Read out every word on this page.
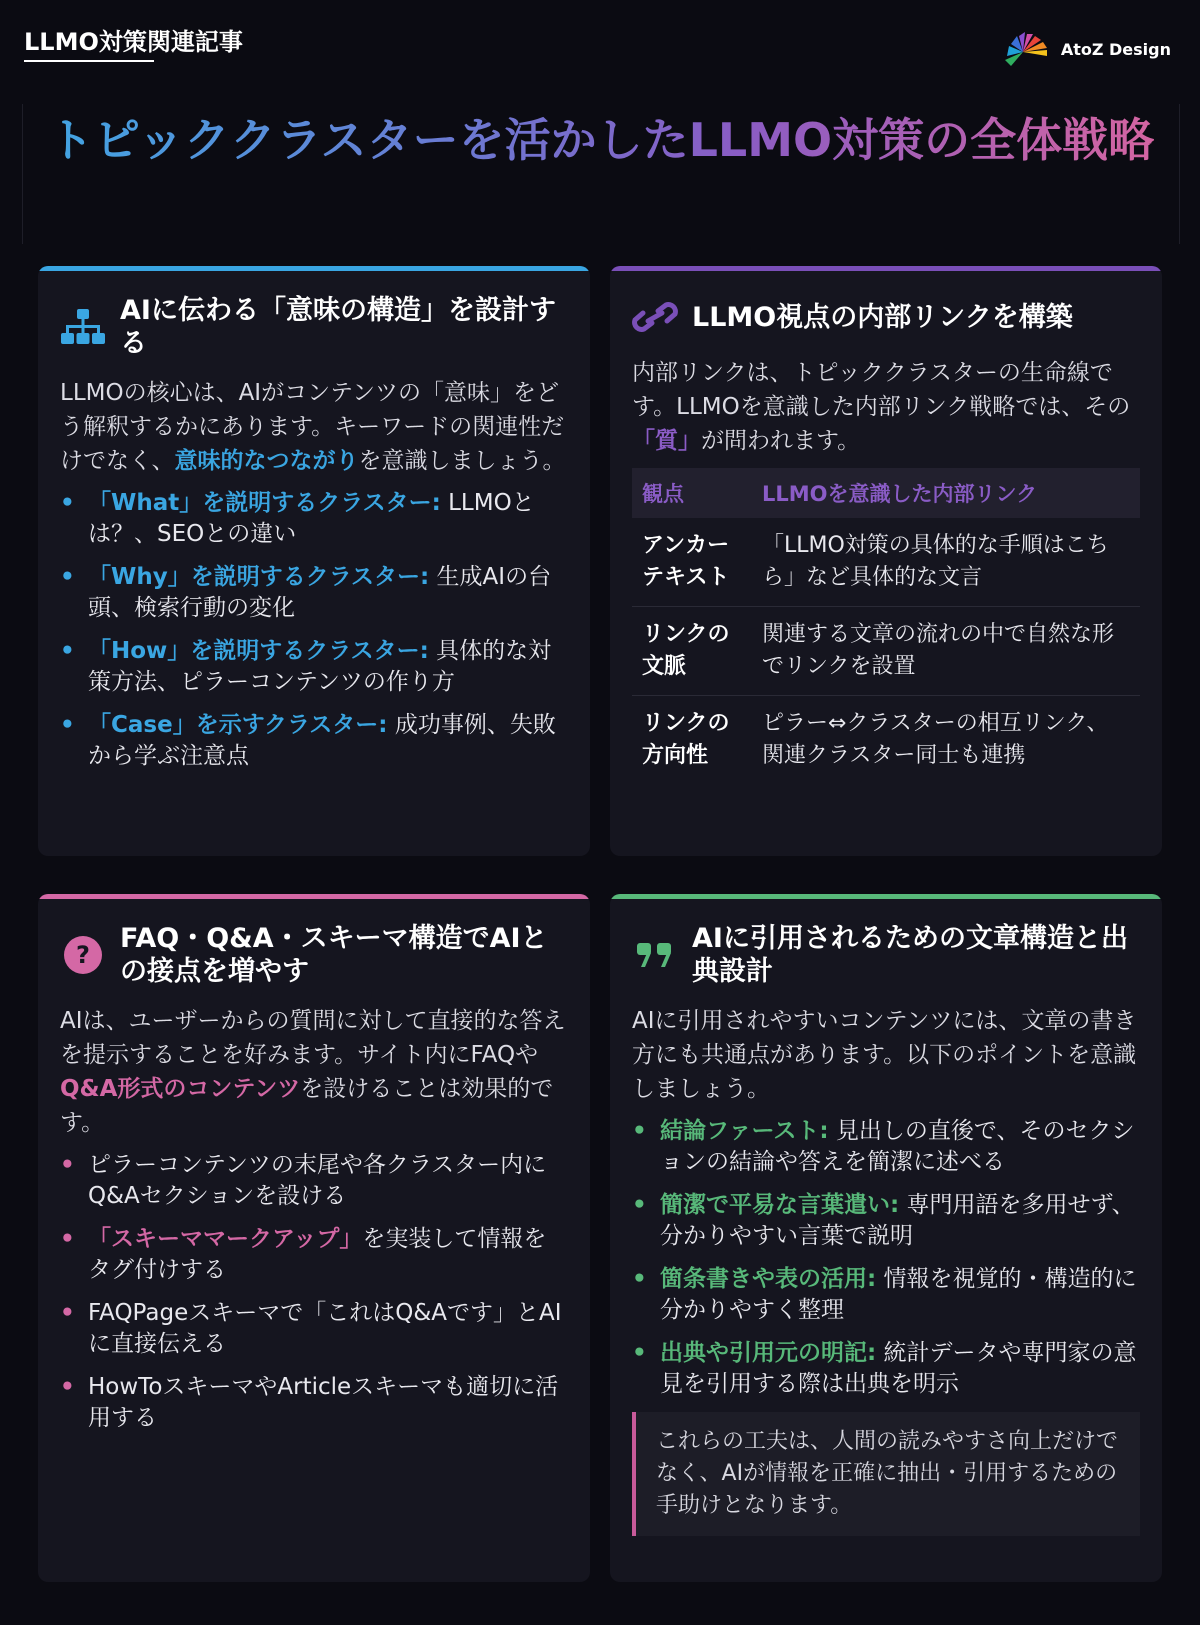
LLMO対策関連記事	AtoZ Design
トピッククラスターを活かしたLLMO対策の全体戦略
AIに伝わる「意味の構造」を設計する

LLMOの核心は、AIがコンテンツの「意味」をどう解釈するかにあります。キーワードの関連性だけでなく、意味的なつながりを意識しましょう。

• 「What」を説明するクラスター: LLMOとは？、SEOとの違い
• 「Why」を説明するクラスター: 生成AIの台頭、検索行動の変化
• 「How」を説明するクラスター: 具体的な対策方法、ピラーコンテンツの作り方
• 「Case」を示すクラスター: 成功事例、失敗から学ぶ注意点
LLMO視点の内部リンクを構築

内部リンクは、トピッククラスターの生命線です。LLMOを意識した内部リンク戦略では、その「質」が問われます。

観点	LLMOを意識した内部リンク
アンカーテキスト	「LLMO対策の具体的な手順はこちら」など具体的な文言
リンクの文脈	関連する文章の流れの中で自然な形でリンクを設置
リンクの方向性	ピラー⇔クラスターの相互リンク、関連クラスター同士も連携
?
FAQ・Q&A・スキーマ構造でAIとの接点を増やす

AIは、ユーザーからの質問に対して直接的な答えを提示することを好みます。サイト内にFAQやQ&A形式のコンテンツを設けることは効果的です。

• ピラーコンテンツの末尾や各クラスター内にQ&Aセクションを設ける
• 「スキーママークアップ」を実装して情報をタグ付けする
• FAQPageスキーマで「これはQ&Aです」とAIに直接伝える
• HowToスキーマやArticleスキーマも適切に活用する
AIに引用されるための文章構造と出典設計

AIに引用されやすいコンテンツには、文章の書き方にも共通点があります。以下のポイントを意識しましょう。

• 結論ファースト: 見出しの直後で、そのセクションの結論や答えを簡潔に述べる
• 簡潔で平易な言葉遣い: 専門用語を多用せず、分かりやすい言葉で説明
• 箇条書きや表の活用: 情報を視覚的・構造的に分かりやすく整理
• 出典や引用元の明記: 統計データや専門家の意見を引用する際は出典を明示
これらの工夫は、人間の読みやすさ向上だけでなく、AIが情報を正確に抽出・引用するための手助けとなります。
